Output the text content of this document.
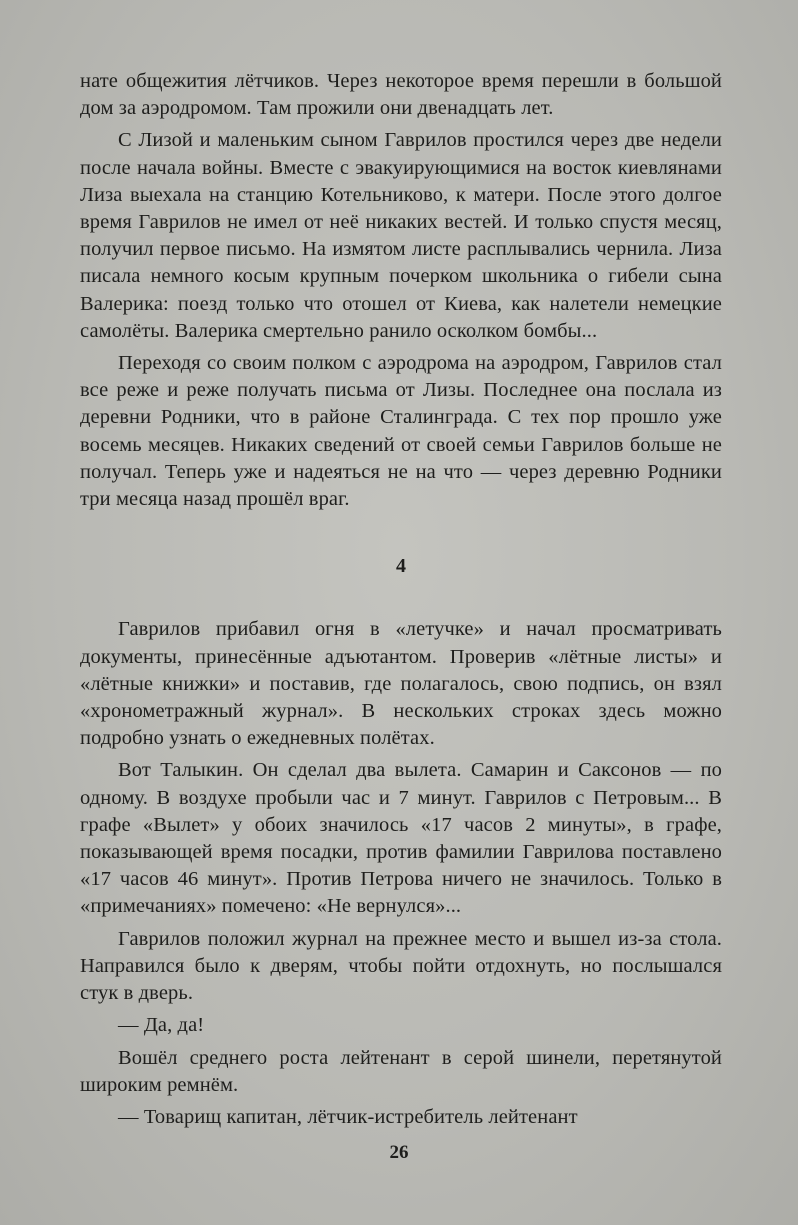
нате общежития лётчиков. Через некоторое время перешли в большой дом за аэродромом. Там прожили они двенадцать лет.

С Лизой и маленьким сыном Гаврилов простился через две недели после начала войны. Вместе с эвакуирующимися на восток киевлянами Лиза выехала на станцию Котельниково, к матери. После этого долгое время Гаврилов не имел от неё никаких вестей. И только спустя месяц, получил первое письмо. На измятом листе расплывались чернила. Лиза писала немного косым крупным почерком школьника о гибели сына Валерика: поезд только что отошел от Киева, как налетели немецкие самолёты. Валерика смертельно ранило осколком бомбы...

Переходя со своим полком с аэродрома на аэродром, Гаврилов стал все реже и реже получать письма от Лизы. Последнее она послала из деревни Родники, что в районе Сталинграда. С тех пор прошло уже восемь месяцев. Никаких сведений от своей семьи Гаврилов больше не получал. Теперь уже и надеяться не на что — через деревню Родники три месяца назад прошёл враг.

4

Гаврилов прибавил огня в «летучке» и начал просматривать документы, принесённые адъютантом. Проверив «лётные листы» и «лётные книжки» и поставив, где полагалось, свою подпись, он взял «хронометражный журнал». В нескольких строках здесь можно подробно узнать о ежедневных полётах.

Вот Талыкин. Он сделал два вылета. Самарин и Саксонов — по одному. В воздухе пробыли час и 7 минут. Гаврилов с Петровым... В графе «Вылет» у обоих значилось «17 часов 2 минуты», в графе, показывающей время посадки, против фамилии Гаврилова поставлено «17 часов 46 минут». Против Петрова ничего не значилось. Только в «примечаниях» помечено: «Не вернулся»...

Гаврилов положил журнал на прежнее место и вышел из-за стола. Направился было к дверям, чтобы пойти отдохнуть, но послышался стук в дверь.

— Да, да!

Вошёл среднего роста лейтенант в серой шинели, перетянутой широким ремнём.

— Товарищ капитан, лётчик-истребитель лейтенант

26
